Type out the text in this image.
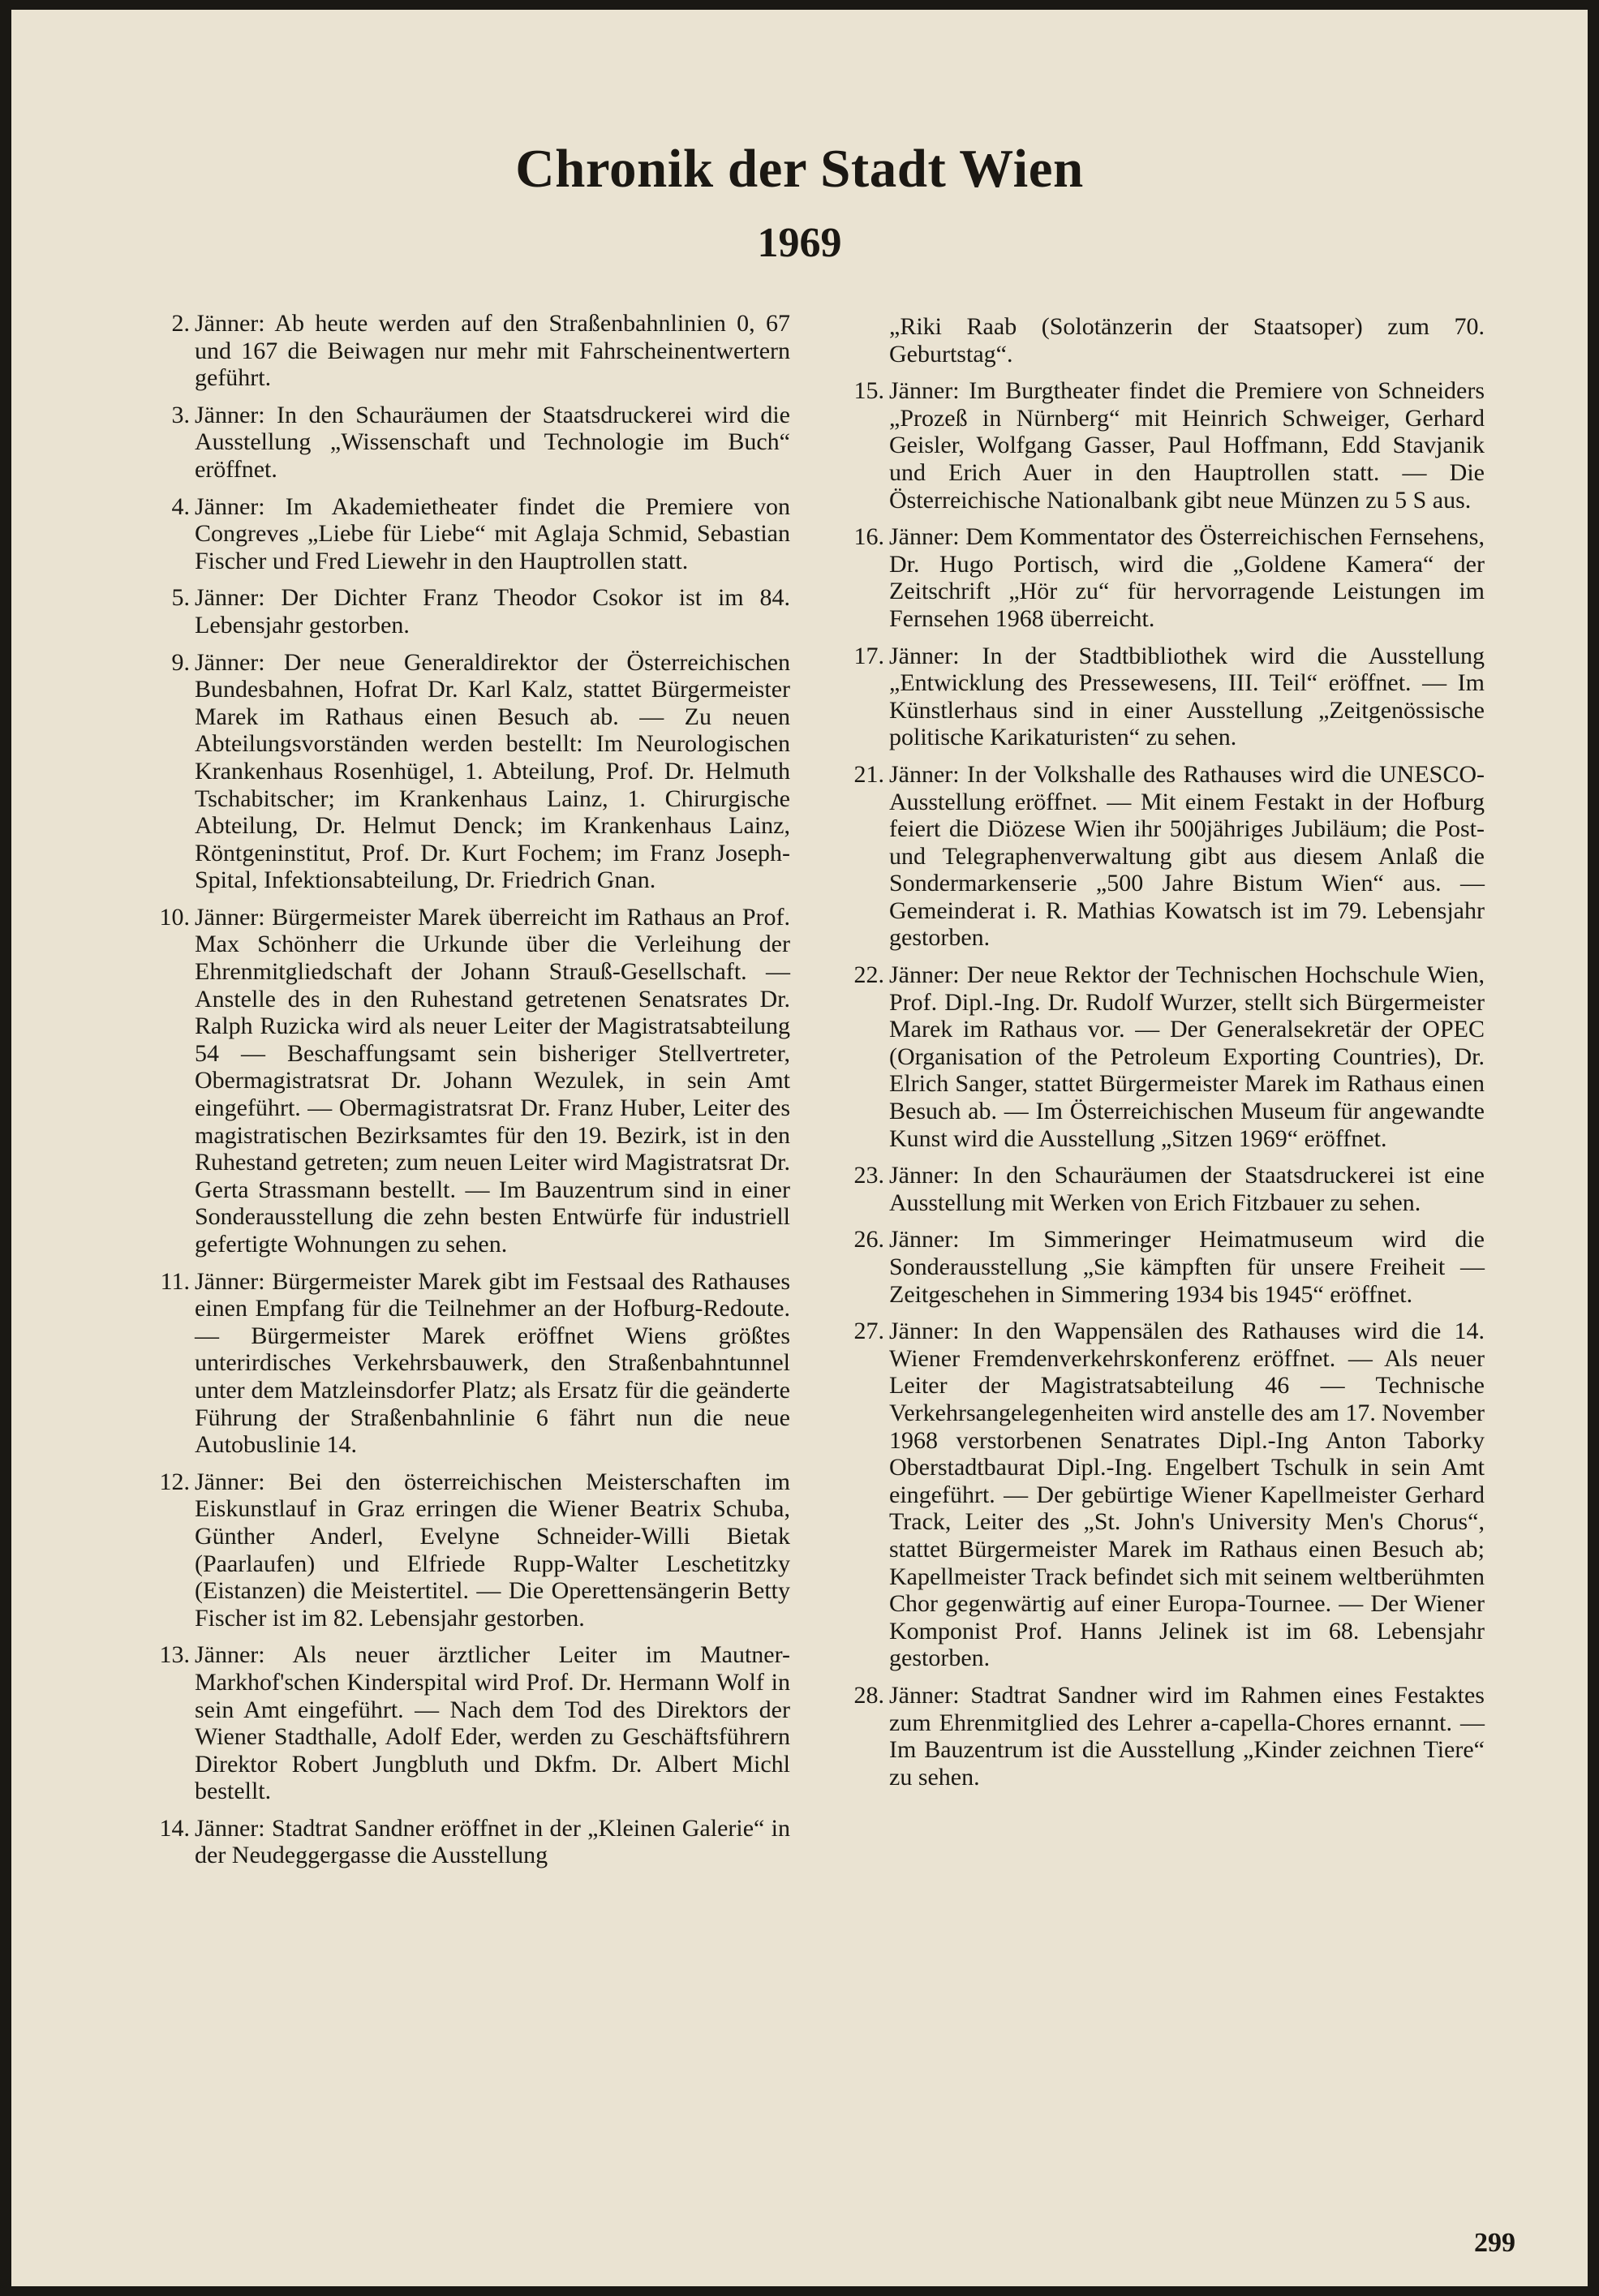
Chronik der Stadt Wien
1969
2. Jänner: Ab heute werden auf den Straßenbahnlinien 0, 67 und 167 die Beiwagen nur mehr mit Fahrscheinentwertern geführt.
3. Jänner: In den Schauräumen der Staatsdruckerei wird die Ausstellung „Wissenschaft und Technologie im Buch“ eröffnet.
4. Jänner: Im Akademietheater findet die Premiere von Congreves „Liebe für Liebe“ mit Aglaja Schmid, Sebastian Fischer und Fred Liewehr in den Hauptrollen statt.
5. Jänner: Der Dichter Franz Theodor Csokor ist im 84. Lebensjahr gestorben.
9. Jänner: Der neue Generaldirektor der Österreichischen Bundesbahnen, Hofrat Dr. Karl Kalz, stattet Bürgermeister Marek im Rathaus einen Besuch ab. — Zu neuen Abteilungsvorständen werden bestellt: Im Neurologischen Krankenhaus Rosenhügel, 1. Abteilung, Prof. Dr. Helmuth Tschabitscher; im Krankenhaus Lainz, 1. Chirurgische Abteilung, Dr. Helmut Denck; im Krankenhaus Lainz, Röntgeninstitut, Prof. Dr. Kurt Fochem; im Franz Joseph-Spital, Infektionsabteilung, Dr. Friedrich Gnan.
10. Jänner: Bürgermeister Marek überreicht im Rathaus an Prof. Max Schönherr die Urkunde über die Verleihung der Ehrenmitgliedschaft der Johann Strauß-Gesellschaft. — Anstelle des in den Ruhestand getretenen Senatsrates Dr. Ralph Ruzicka wird als neuer Leiter der Magistratsabteilung 54 — Beschaffungsamt sein bisheriger Stellvertreter, Obermagistratsrat Dr. Johann Wezulek, in sein Amt eingeführt. — Obermagistratsrat Dr. Franz Huber, Leiter des magistratischen Bezirksamtes für den 19. Bezirk, ist in den Ruhestand getreten; zum neuen Leiter wird Magistratsrat Dr. Gerta Strassmann bestellt. — Im Bauzentrum sind in einer Sonderausstellung die zehn besten Entwürfe für industriell gefertigte Wohnungen zu sehen.
11. Jänner: Bürgermeister Marek gibt im Festsaal des Rathauses einen Empfang für die Teilnehmer an der Hofburg-Redoute. — Bürgermeister Marek eröffnet Wiens größtes unterirdisches Verkehrsbauwerk, den Straßenbahntunnel unter dem Matzleinsdorfer Platz; als Ersatz für die geänderte Führung der Straßenbahnlinie 6 fährt nun die neue Autobuslinie 14.
12. Jänner: Bei den österreichischen Meisterschaften im Eiskunstlauf in Graz erringen die Wiener Beatrix Schuba, Günther Anderl, Evelyne Schneider-Willi Bietak (Paarlaufen) und Elfriede Rupp-Walter Leschetitzky (Eistanzen) die Meistertitel. — Die Operettensängerin Betty Fischer ist im 82. Lebensjahr gestorben.
13. Jänner: Als neuer ärztlicher Leiter im Mautner-Markhof'schen Kinderspital wird Prof. Dr. Hermann Wolf in sein Amt eingeführt. — Nach dem Tod des Direktors der Wiener Stadthalle, Adolf Eder, werden zu Geschäftsführern Direktor Robert Jungbluth und Dkfm. Dr. Albert Michl bestellt.
14. Jänner: Stadtrat Sandner eröffnet in der „Kleinen Galerie“ in der Neudeggergasse die Ausstellung
„Riki Raab (Solotänzerin der Staatsoper) zum 70. Geburtstag“.
15. Jänner: Im Burgtheater findet die Premiere von Schneiders „Prozeß in Nürnberg“ mit Heinrich Schweiger, Gerhard Geisler, Wolfgang Gasser, Paul Hoffmann, Edd Stavjanik und Erich Auer in den Hauptrollen statt. — Die Österreichische Nationalbank gibt neue Münzen zu 5 S aus.
16. Jänner: Dem Kommentator des Österreichischen Fernsehens, Dr. Hugo Portisch, wird die „Goldene Kamera“ der Zeitschrift „Hör zu“ für hervorragende Leistungen im Fernsehen 1968 überreicht.
17. Jänner: In der Stadtbibliothek wird die Ausstellung „Entwicklung des Pressewesens, III. Teil“ eröffnet. — Im Künstlerhaus sind in einer Ausstellung „Zeitgenössische politische Karikaturisten“ zu sehen.
21. Jänner: In der Volkshalle des Rathauses wird die UNESCO-Ausstellung eröffnet. — Mit einem Festakt in der Hofburg feiert die Diözese Wien ihr 500jähriges Jubiläum; die Post- und Telegraphenverwaltung gibt aus diesem Anlaß die Sondermarkenserie „500 Jahre Bistum Wien“ aus. — Gemeinderat i. R. Mathias Kowatsch ist im 79. Lebensjahr gestorben.
22. Jänner: Der neue Rektor der Technischen Hochschule Wien, Prof. Dipl.-Ing. Dr. Rudolf Wurzer, stellt sich Bürgermeister Marek im Rathaus vor. — Der Generalsekretär der OPEC (Organisation of the Petroleum Exporting Countries), Dr. Elrich Sanger, stattet Bürgermeister Marek im Rathaus einen Besuch ab. — Im Österreichischen Museum für angewandte Kunst wird die Ausstellung „Sitzen 1969“ eröffnet.
23. Jänner: In den Schauräumen der Staatsdruckerei ist eine Ausstellung mit Werken von Erich Fitzbauer zu sehen.
26. Jänner: Im Simmeringer Heimatmuseum wird die Sonderausstellung „Sie kämpften für unsere Freiheit — Zeitgeschehen in Simmering 1934 bis 1945“ eröffnet.
27. Jänner: In den Wappensälen des Rathauses wird die 14. Wiener Fremdenverkehrskonferenz eröffnet. — Als neuer Leiter der Magistratsabteilung 46 — Technische Verkehrsangelegenheiten wird anstelle des am 17. November 1968 verstorbenen Senatrates Dipl.-Ing Anton Taborky Oberstadtbaurat Dipl.-Ing. Engelbert Tschulk in sein Amt eingeführt. — Der gebürtige Wiener Kapellmeister Gerhard Track, Leiter des „St. John's University Men's Chorus“, stattet Bürgermeister Marek im Rathaus einen Besuch ab; Kapellmeister Track befindet sich mit seinem weltberühmten Chor gegenwärtig auf einer Europa-Tournee. — Der Wiener Komponist Prof. Hanns Jelinek ist im 68. Lebensjahr gestorben.
28. Jänner: Stadtrat Sandner wird im Rahmen eines Festaktes zum Ehrenmitglied des Lehrer a-capella-Chores ernannt. — Im Bauzentrum ist die Ausstellung „Kinder zeichnen Tiere“ zu sehen.
299
